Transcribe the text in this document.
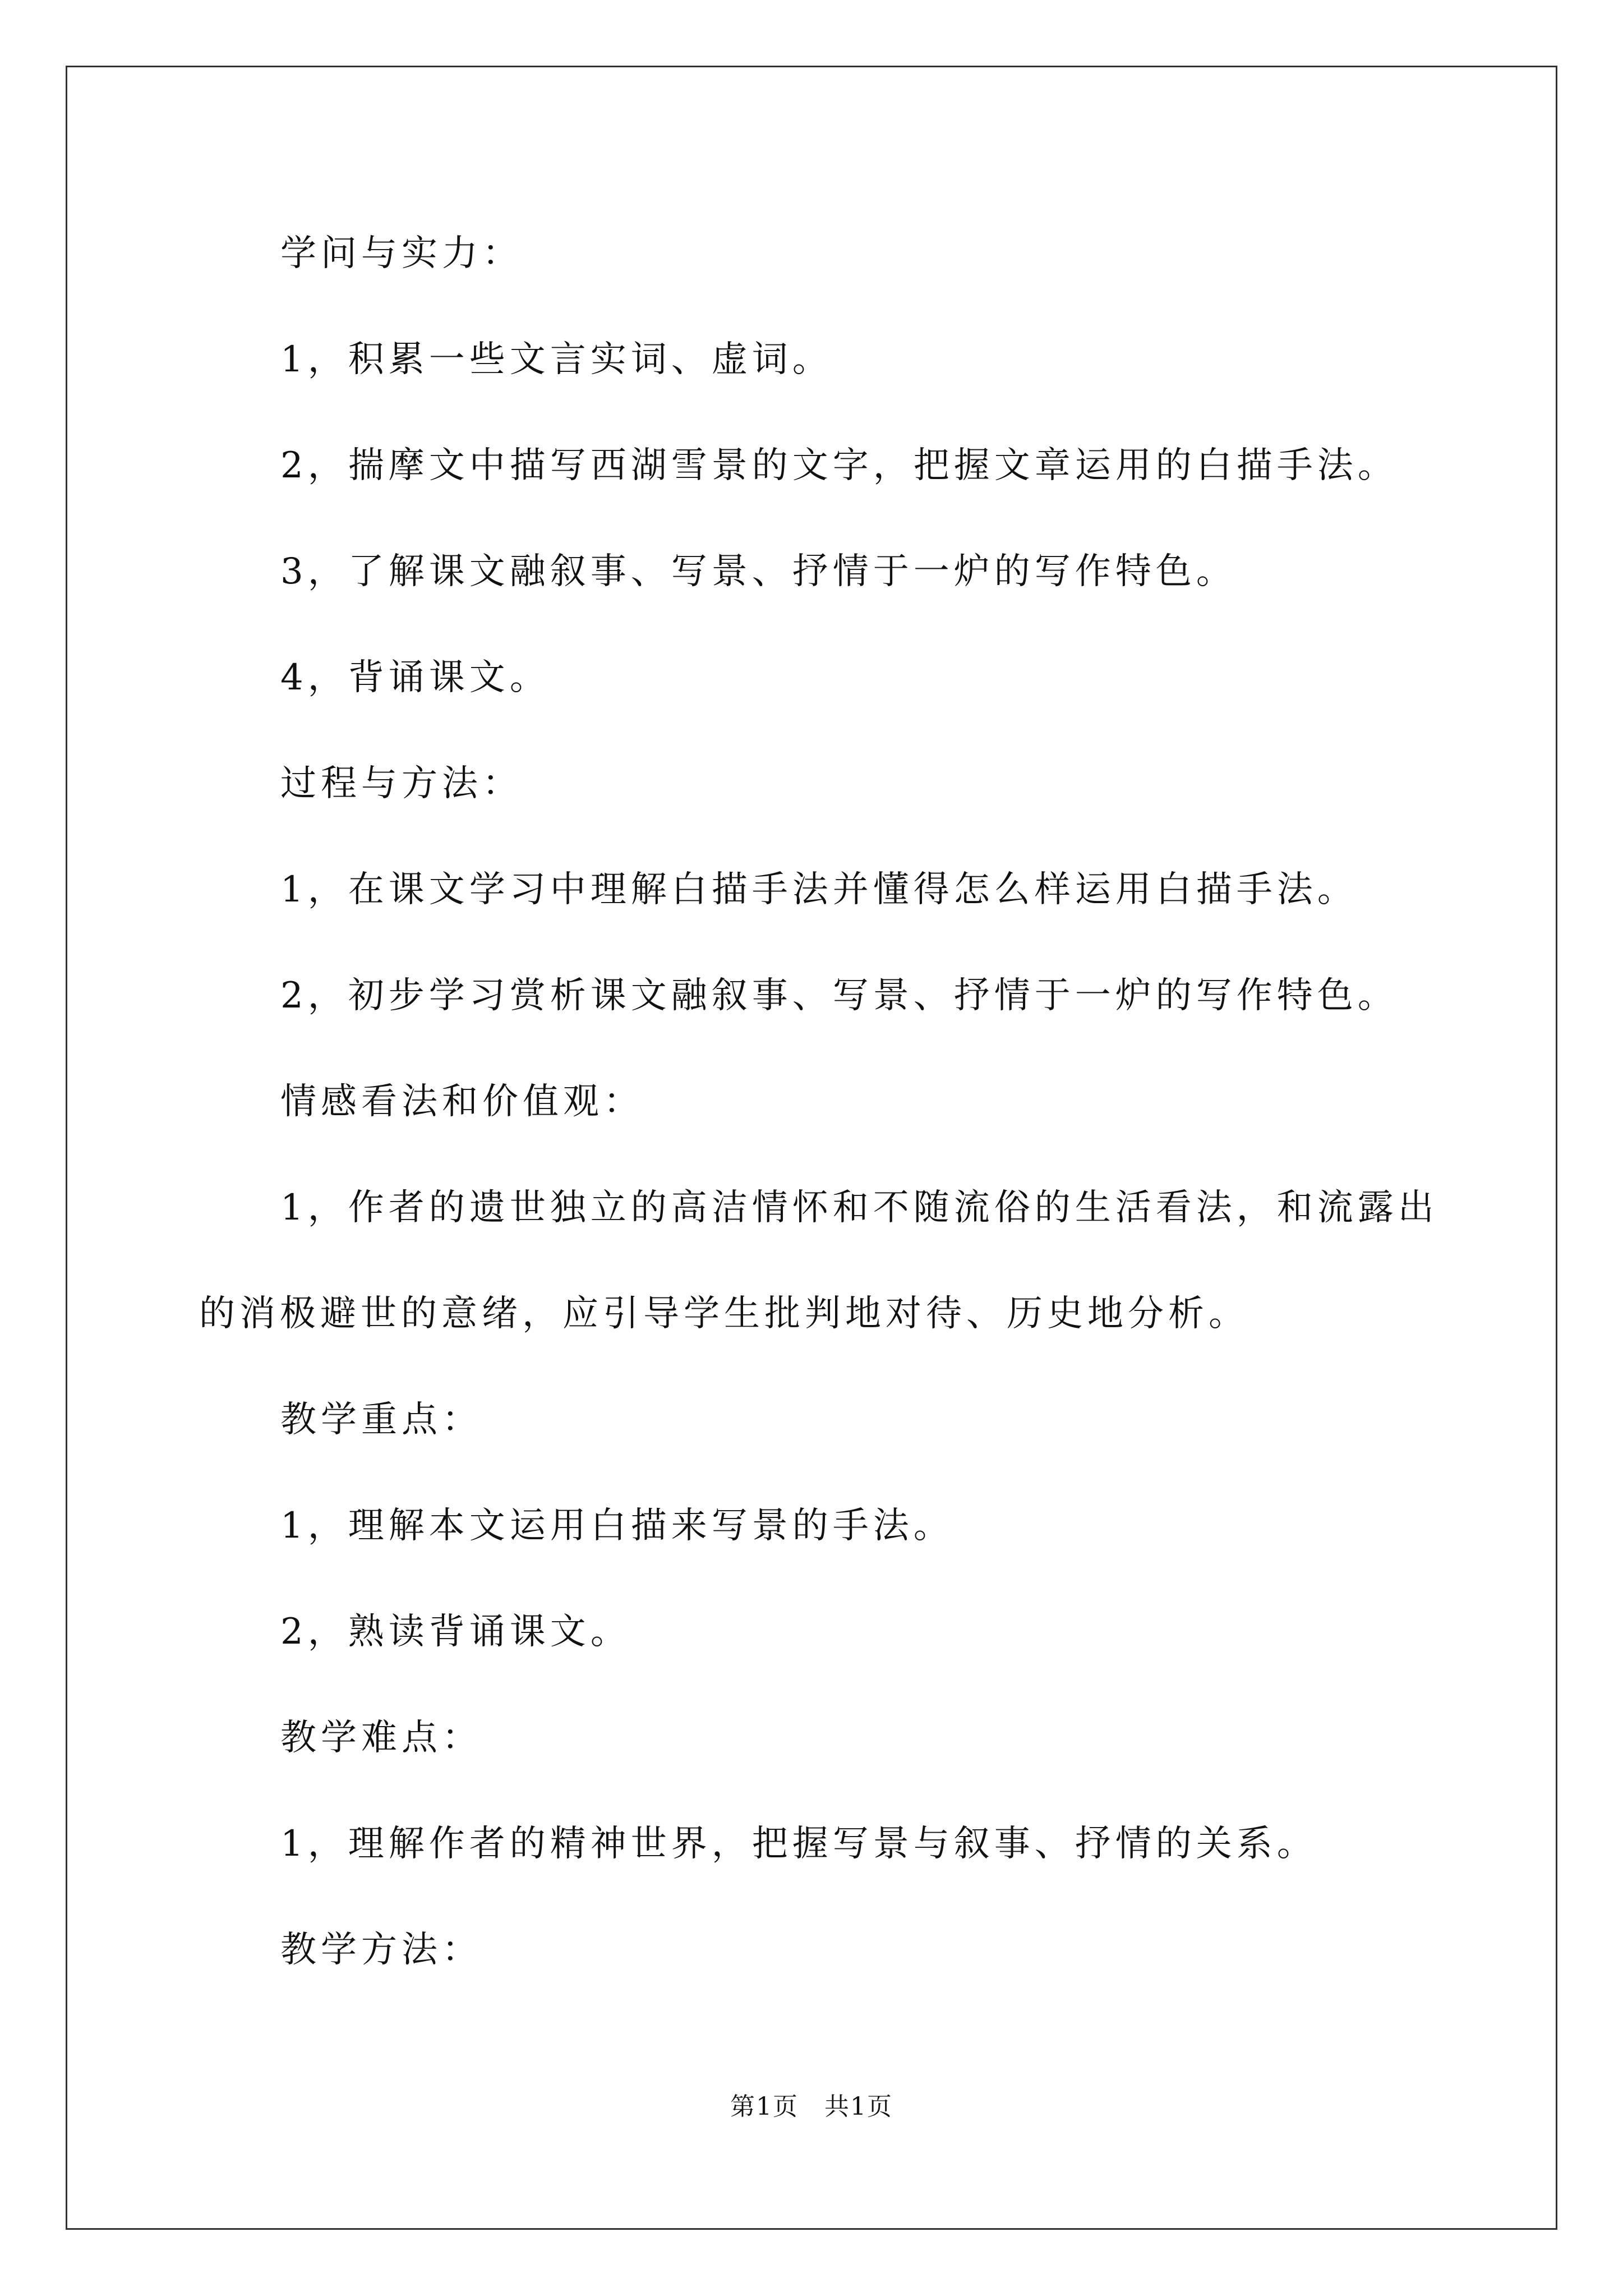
学问与实力：
1，积累一些文言实词、虚词。
2，揣摩文中描写西湖雪景的文字，把握文章运用的白描手法。
3，了解课文融叙事、写景、抒情于一炉的写作特色。
4，背诵课文。
过程与方法：
1，在课文学习中理解白描手法并懂得怎么样运用白描手法。
2，初步学习赏析课文融叙事、写景、抒情于一炉的写作特色。
情感看法和价值观：
1，作者的遗世独立的高洁情怀和不随流俗的生活看法，和流露出
的消极避世的意绪，应引导学生批判地对待、历史地分析。
教学重点：
1，理解本文运用白描来写景的手法。
2，熟读背诵课文。
教学难点：
1，理解作者的精神世界，把握写景与叙事、抒情的关系。
教学方法：
第1页　共1页
